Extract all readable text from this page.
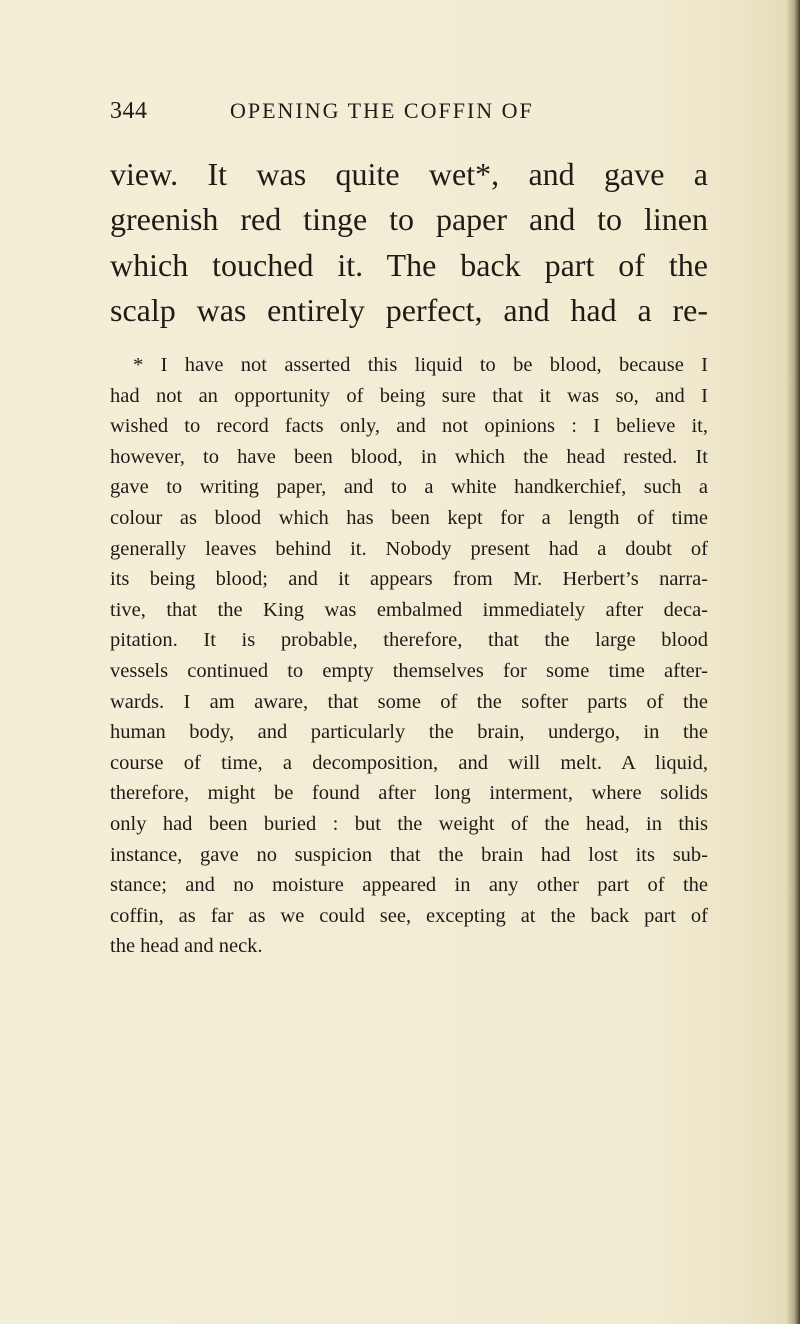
344	OPENING THE COFFIN OF
view. It was quite wet*, and gave a
greenish red tinge to paper and to linen
which touched it. The back part of the
scalp was entirely perfect, and had a re-
* I have not asserted this liquid to be blood, because I
had not an opportunity of being sure that it was so, and I
wished to record facts only, and not opinions : I believe it,
however, to have been blood, in which the head rested. It
gave to writing paper, and to a white handkerchief, such a
colour as blood which has been kept for a length of time
generally leaves behind it. Nobody present had a doubt of
its being blood; and it appears from Mr. Herbert’s narra-
tive, that the King was embalmed immediately after deca-
pitation. It is probable, therefore, that the large blood
vessels continued to empty themselves for some time after-
wards. I am aware, that some of the softer parts of the
human body, and particularly the brain, undergo, in the
course of time, a decomposition, and will melt. A liquid,
therefore, might be found after long interment, where solids
only had been buried : but the weight of the head, in this
instance, gave no suspicion that the brain had lost its sub-
stance; and no moisture appeared in any other part of the
coffin, as far as we could see, excepting at the back part of
the head and neck.
